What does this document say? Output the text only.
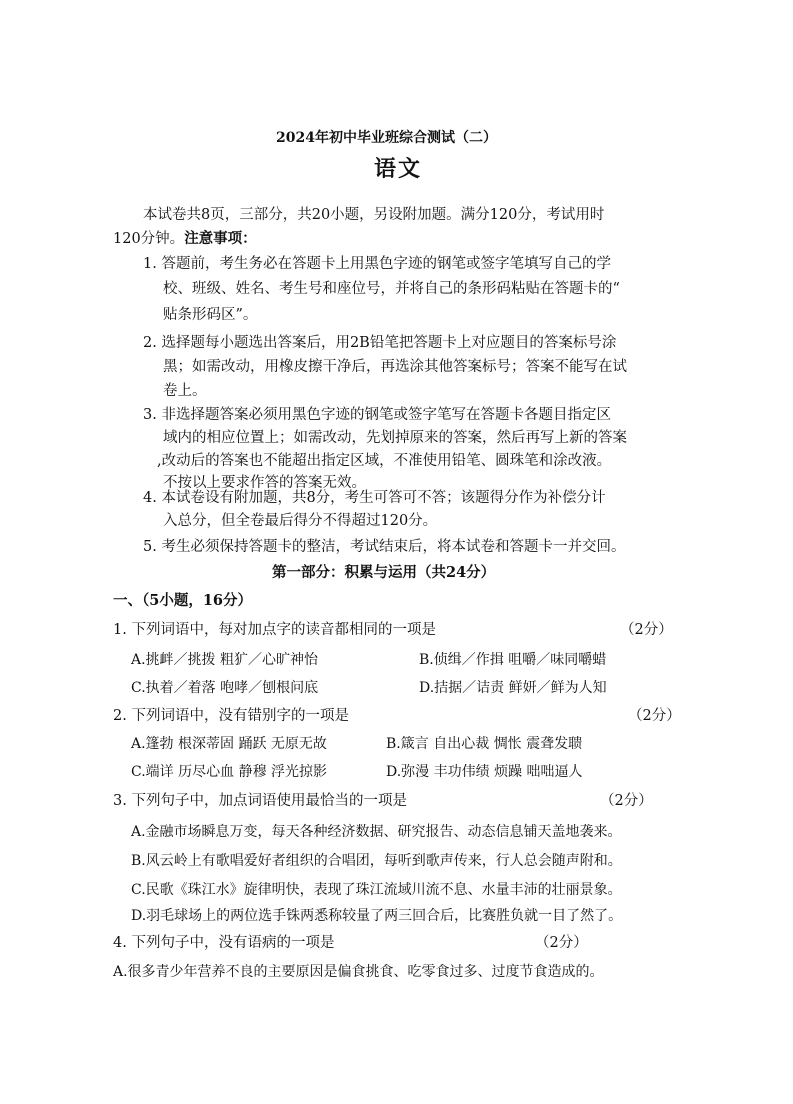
2024年初中毕业班综合测试（二）
语文
本试卷共8页，三部分，共20小题，另设附加题。满分120分，考试用时
120分钟。注意事项：
1. 答题前，考生务必在答题卡上用黑色字迹的钢笔或签字笔填写自己的学
校、班级、姓名、考生号和座位号，并将自己的条形码粘贴在答题卡的“
贴条形码区”。
2. 选择题每小题选出答案后，用2B铅笔把答题卡上对应题目的答案标号涂
黑；如需改动，用橡皮擦干净后，再选涂其他答案标号；答案不能写在试
卷上。
3. 非选择题答案必须用黑色字迹的钢笔或签字笔写在答题卡各题目指定区
域内的相应位置上；如需改动，先划掉原来的答案，然后再写上新的答案
,改动后的答案也不能超出指定区域，不准使用铅笔、圆珠笔和涂改液。
不按以上要求作答的答案无效。
4. 本试卷设有附加题，共8分，考生可答可不答；该题得分作为补偿分计
入总分，但全卷最后得分不得超过120分。
5. 考生必须保持答题卡的整洁，考试结束后，将本试卷和答题卡一并交回。
第一部分：积累与运用（共24分）
一、（5小题，16分）
1. 下列词语中，每对加点字的读音都相同的一项是	（2分）
A.挑衅／挑拨 粗犷／心旷神怡	B.侦缉／作揖 咀嚼／味同嚼蜡
C.执着／着落 咆哮／刨根问底	D.拮据／诘责 鲜妍／鲜为人知
2. 下列词语中，没有错别字的一项是	（2分）
A.篷勃 根深蒂固 踊跃 无原无故	B.箴言 自出心裁 惆怅 震聋发聩
C.端详 历尽心血 静穆 浮光掠影	D.弥漫 丰功伟绩 烦躁 咄咄逼人
3. 下列句子中，加点词语使用最恰当的一项是	（2分）
A.金融市场瞬息万变，每天各种经济数据、研究报告、动态信息铺天盖地袭来。
B.风云岭上有歌唱爱好者组织的合唱团，每听到歌声传来，行人总会随声附和。
C.民歌《珠江水》旋律明快，表现了珠江流域川流不息、水量丰沛的壮丽景象。
D.羽毛球场上的两位选手铢两悉称较量了两三回合后，比赛胜负就一目了然了。
4. 下列句子中，没有语病的一项是	（2分）
A.很多青少年营养不良的主要原因是偏食挑食、吃零食过多、过度节食造成的。
